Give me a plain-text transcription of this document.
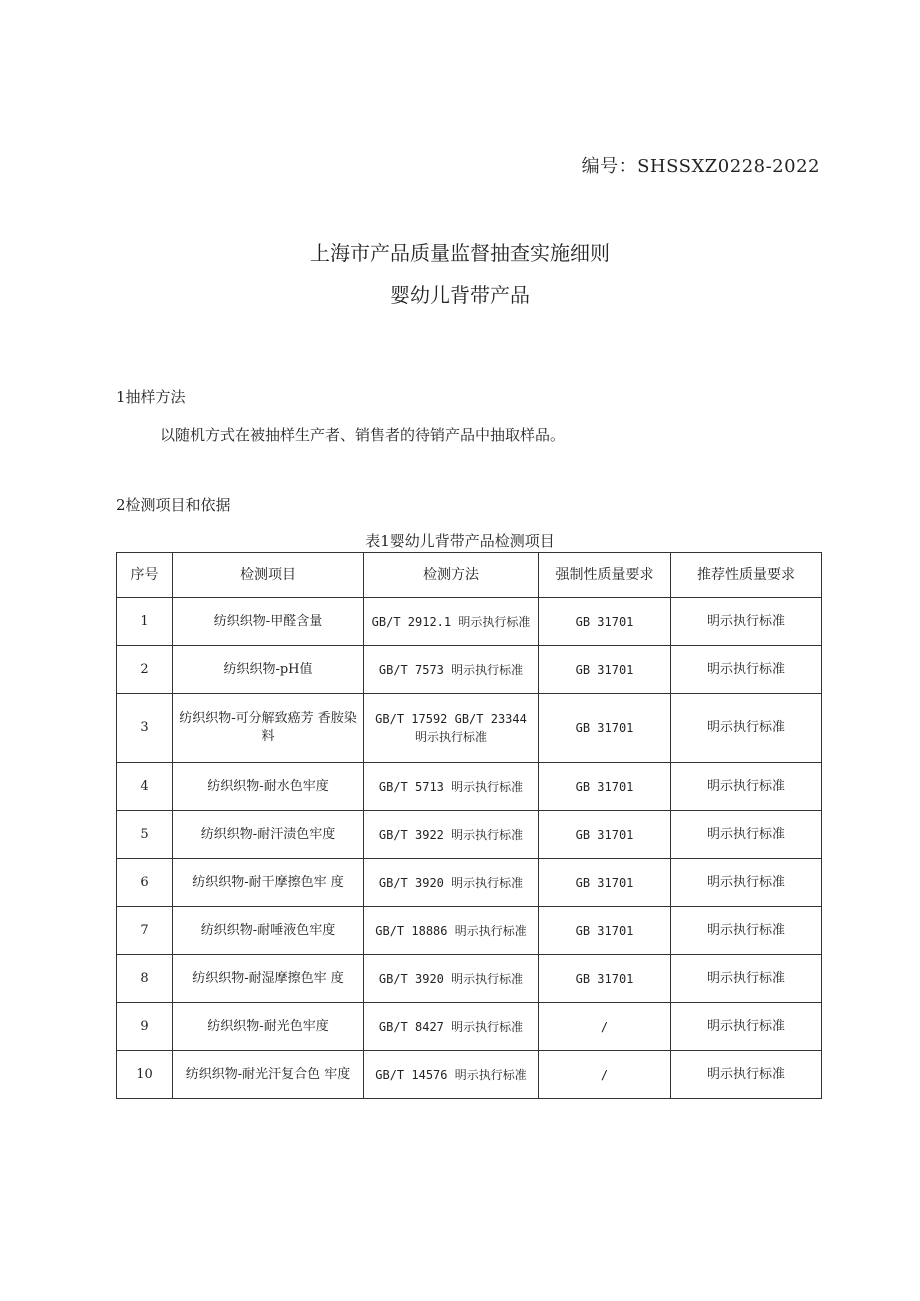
编号：SHSSXZ0228-2022
上海市产品质量监督抽查实施细则
婴幼儿背带产品
1抽样方法
以随机方式在被抽样生产者、销售者的待销产品中抽取样品。
2检测项目和依据
表1婴幼儿背带产品检测项目
序号	检测项目	检测方法	强制性质量要求	推荐性质量要求
1	纺织织物-甲醛含量	GB/T 2912.1 明示执行标准	GB 31701	明示执行标准
2	纺织织物-pH值	GB/T 7573 明示执行标准	GB 31701	明示执行标准
3	纺织织物-可分解致癌芳 香胺染料	GB/T 17592 GB/T 23344 明示执行标准	GB 31701	明示执行标准
4	纺织织物-耐水色牢度	GB/T 5713 明示执行标准	GB 31701	明示执行标准
5	纺织织物-耐汗渍色牢度	GB/T 3922 明示执行标准	GB 31701	明示执行标准
6	纺织织物-耐干摩擦色牢 度	GB/T 3920 明示执行标准	GB 31701	明示执行标准
7	纺织织物-耐唾液色牢度	GB/T 18886 明示执行标准	GB 31701	明示执行标准
8	纺织织物-耐湿摩擦色牢 度	GB/T 3920 明示执行标准	GB 31701	明示执行标准
9	纺织织物-耐光色牢度	GB/T 8427 明示执行标准	/	明示执行标准
10	纺织织物-耐光汗复合色 牢度	GB/T 14576 明示执行标准	/	明示执行标准
